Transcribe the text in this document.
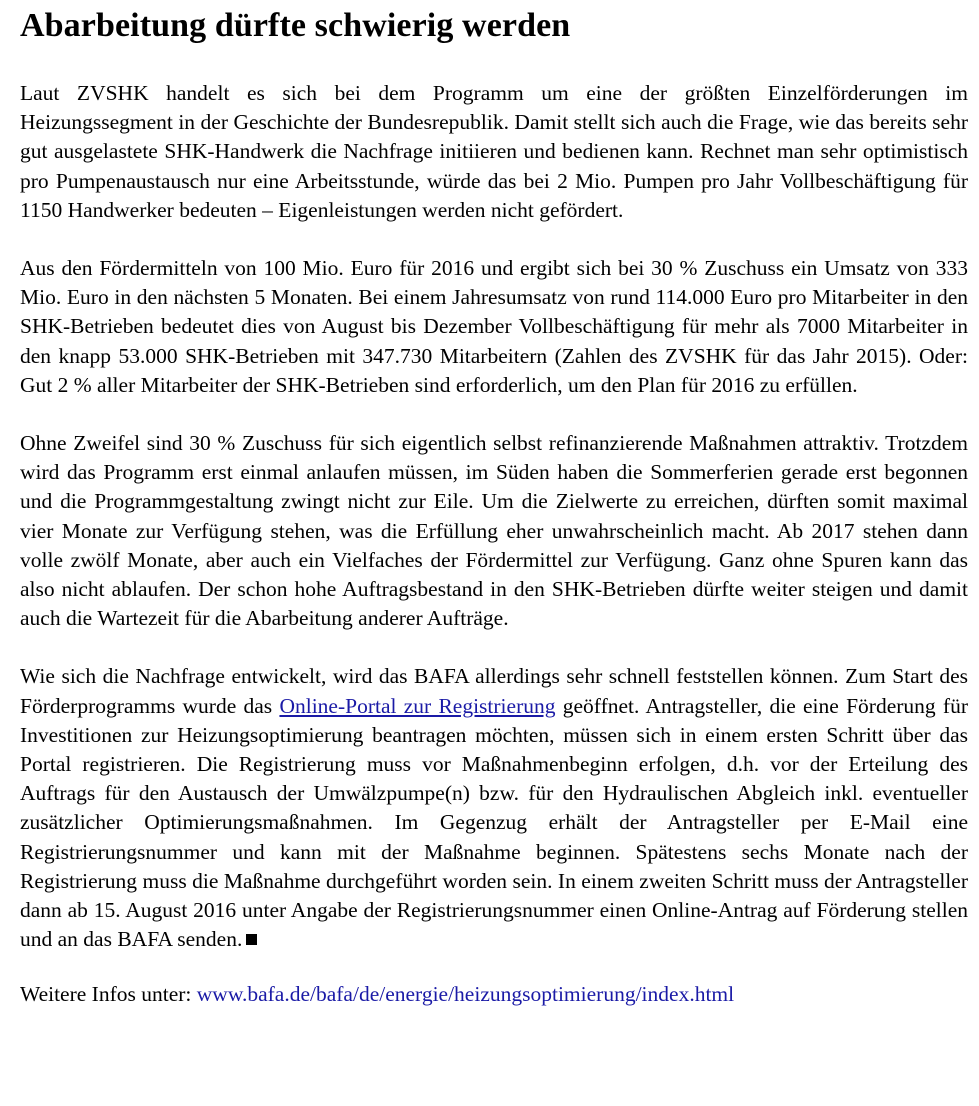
Abarbeitung dürfte schwierig werden

Laut ZVSHK handelt es sich bei dem Programm um eine der größten Einzelförderungen im Heizungssegment in der Geschichte der Bundesrepublik. Damit stellt sich auch die Frage, wie das bereits sehr gut ausgelastete SHK-Handwerk die Nachfrage initiieren und bedienen kann. Rechnet man sehr optimistisch pro Pumpenaustausch nur eine Arbeitsstunde, würde das bei 2 Mio. Pumpen pro Jahr Vollbeschäftigung für 1150 Handwerker bedeuten – Eigenleistungen werden nicht gefördert.

Aus den Fördermitteln von 100 Mio. Euro für 2016 und ergibt sich bei 30 % Zuschuss ein Umsatz von 333 Mio. Euro in den nächsten 5 Monaten. Bei einem Jahresumsatz von rund 114.000 Euro pro Mitarbeiter in den SHK-Betrieben bedeutet dies von August bis Dezember Vollbeschäftigung für mehr als 7000 Mitarbeiter in den knapp 53.000 SHK-Betrieben mit 347.730 Mitarbeitern (Zahlen des ZVSHK für das Jahr 2015). Oder: Gut 2 % aller Mitarbeiter der SHK-Betrieben sind erforderlich, um den Plan für 2016 zu erfüllen.

Ohne Zweifel sind 30 % Zuschuss für sich eigentlich selbst refinanzierende Maßnahmen attraktiv. Trotzdem wird das Programm erst einmal anlaufen müssen, im Süden haben die Sommerferien gerade erst begonnen und die Programmgestaltung zwingt nicht zur Eile. Um die Zielwerte zu erreichen, dürften somit maximal vier Monate zur Verfügung stehen, was die Erfüllung eher unwahrscheinlich macht. Ab 2017 stehen dann volle zwölf Monate, aber auch ein Vielfaches der Fördermittel zur Verfügung. Ganz ohne Spuren kann das also nicht ablaufen. Der schon hohe Auftragsbestand in den SHK-Betrieben dürfte weiter steigen und damit auch die Wartezeit für die Abarbeitung anderer Aufträge.

Wie sich die Nachfrage entwickelt, wird das BAFA allerdings sehr schnell feststellen können. Zum Start des Förderprogramms wurde das Online-Portal zur Registrierung geöffnet. Antragsteller, die eine Förderung für Investitionen zur Heizungsoptimierung beantragen möchten, müssen sich in einem ersten Schritt über das Portal registrieren. Die Registrierung muss vor Maßnahmenbeginn erfolgen, d.h. vor der Erteilung des Auftrags für den Austausch der Umwälzpumpe(n) bzw. für den Hydraulischen Abgleich inkl. eventueller zusätzlicher Optimierungsmaßnahmen. Im Gegenzug erhält der Antragsteller per E-Mail eine Registrierungsnummer und kann mit der Maßnahme beginnen. Spätestens sechs Monate nach der Registrierung muss die Maßnahme durchgeführt worden sein. In einem zweiten Schritt muss der Antragsteller dann ab 15. August 2016 unter Angabe der Registrierungsnummer einen Online-Antrag auf Förderung stellen und an das BAFA senden.

Weitere Infos unter: www.bafa.de/bafa/de/energie/heizungsoptimierung/index.html
